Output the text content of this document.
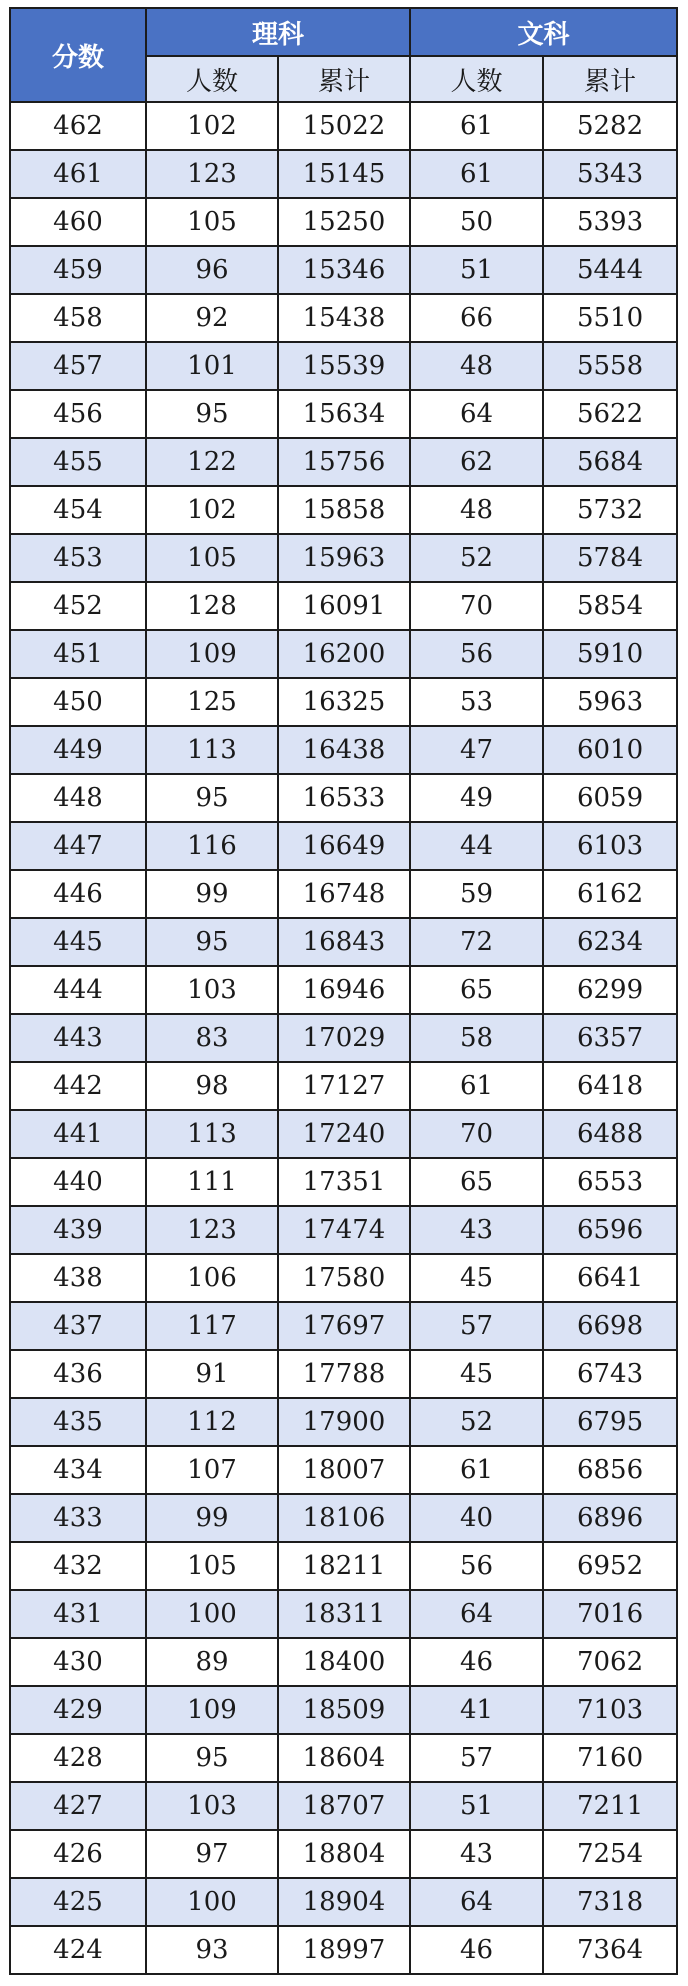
分数	理科		文科	
	人数	累计	人数	累计
462	102	15022	61	5282
461	123	15145	61	5343
460	105	15250	50	5393
459	96	15346	51	5444
458	92	15438	66	5510
457	101	15539	48	5558
456	95	15634	64	5622
455	122	15756	62	5684
454	102	15858	48	5732
453	105	15963	52	5784
452	128	16091	70	5854
451	109	16200	56	5910
450	125	16325	53	5963
449	113	16438	47	6010
448	95	16533	49	6059
447	116	16649	44	6103
446	99	16748	59	6162
445	95	16843	72	6234
444	103	16946	65	6299
443	83	17029	58	6357
442	98	17127	61	6418
441	113	17240	70	6488
440	111	17351	65	6553
439	123	17474	43	6596
438	106	17580	45	6641
437	117	17697	57	6698
436	91	17788	45	6743
435	112	17900	52	6795
434	107	18007	61	6856
433	99	18106	40	6896
432	105	18211	56	6952
431	100	18311	64	7016
430	89	18400	46	7062
429	109	18509	41	7103
428	95	18604	57	7160
427	103	18707	51	7211
426	97	18804	43	7254
425	100	18904	64	7318
424	93	18997	46	7364
